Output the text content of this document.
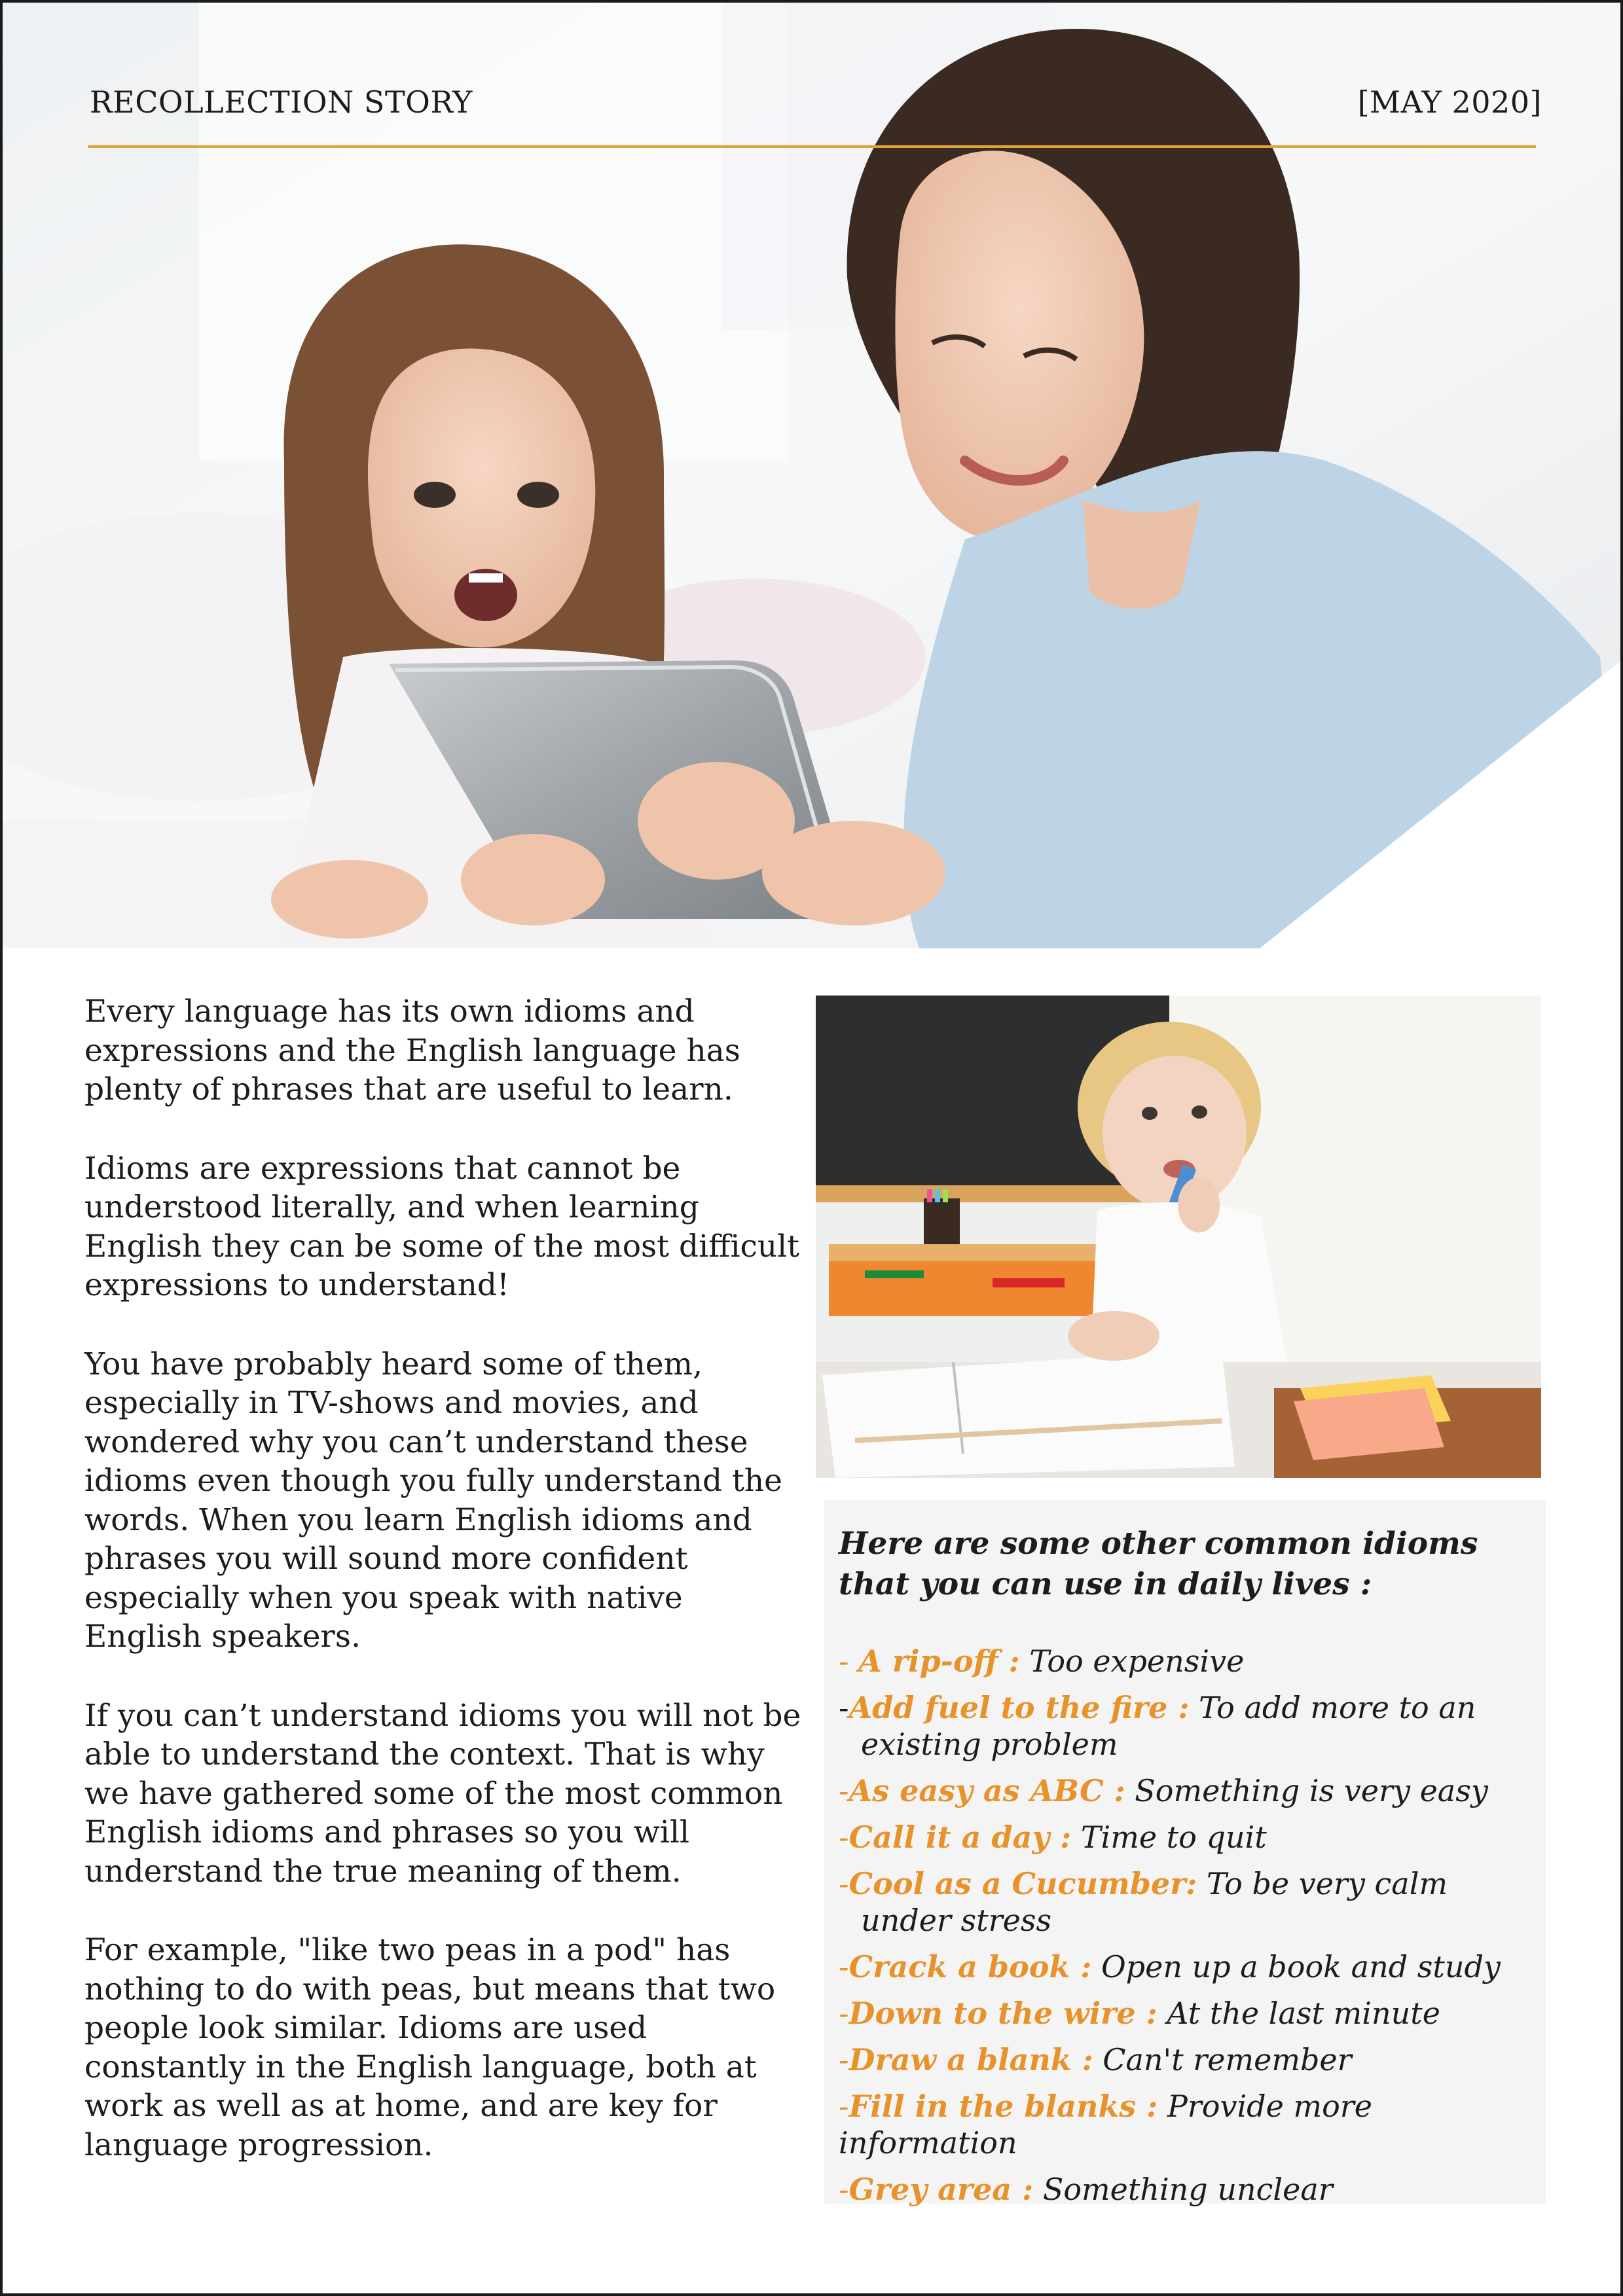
RECOLLECTION STORY	[MAY 2020]

Every language has its own idioms and expressions and the English language has plenty of phrases that are useful to learn.

Idioms are expressions that cannot be understood literally, and when learning English they can be some of the most difficult expressions to understand!

You have probably heard some of them, especially in TV-shows and movies, and wondered why you can’t understand these idioms even though you fully understand the words. When you learn English idioms and phrases you will sound more confident especially when you speak with native English speakers.

If you can’t understand idioms you will not be able to understand the context. That is why we have gathered some of the most common English idioms and phrases so you will understand the true meaning of them.

For example, "like two peas in a pod" has nothing to do with peas, but means that two people look similar. Idioms are used constantly in the English language, both at work as well as at home, and are key for language progression.

Here are some other common idioms that you can use in daily lives :
- A rip-off : Too expensive
-Add fuel to the fire : To add more to an
existing problem
-As easy as ABC : Something is very easy
-Call it a day : Time to quit
-Cool as a Cucumber: To be very calm
under stress
-Crack a book : Open up a book and study
-Down to the wire : At the last minute
-Draw a blank : Can't remember
-Fill in the blanks : Provide more information
-Grey area : Something unclear
